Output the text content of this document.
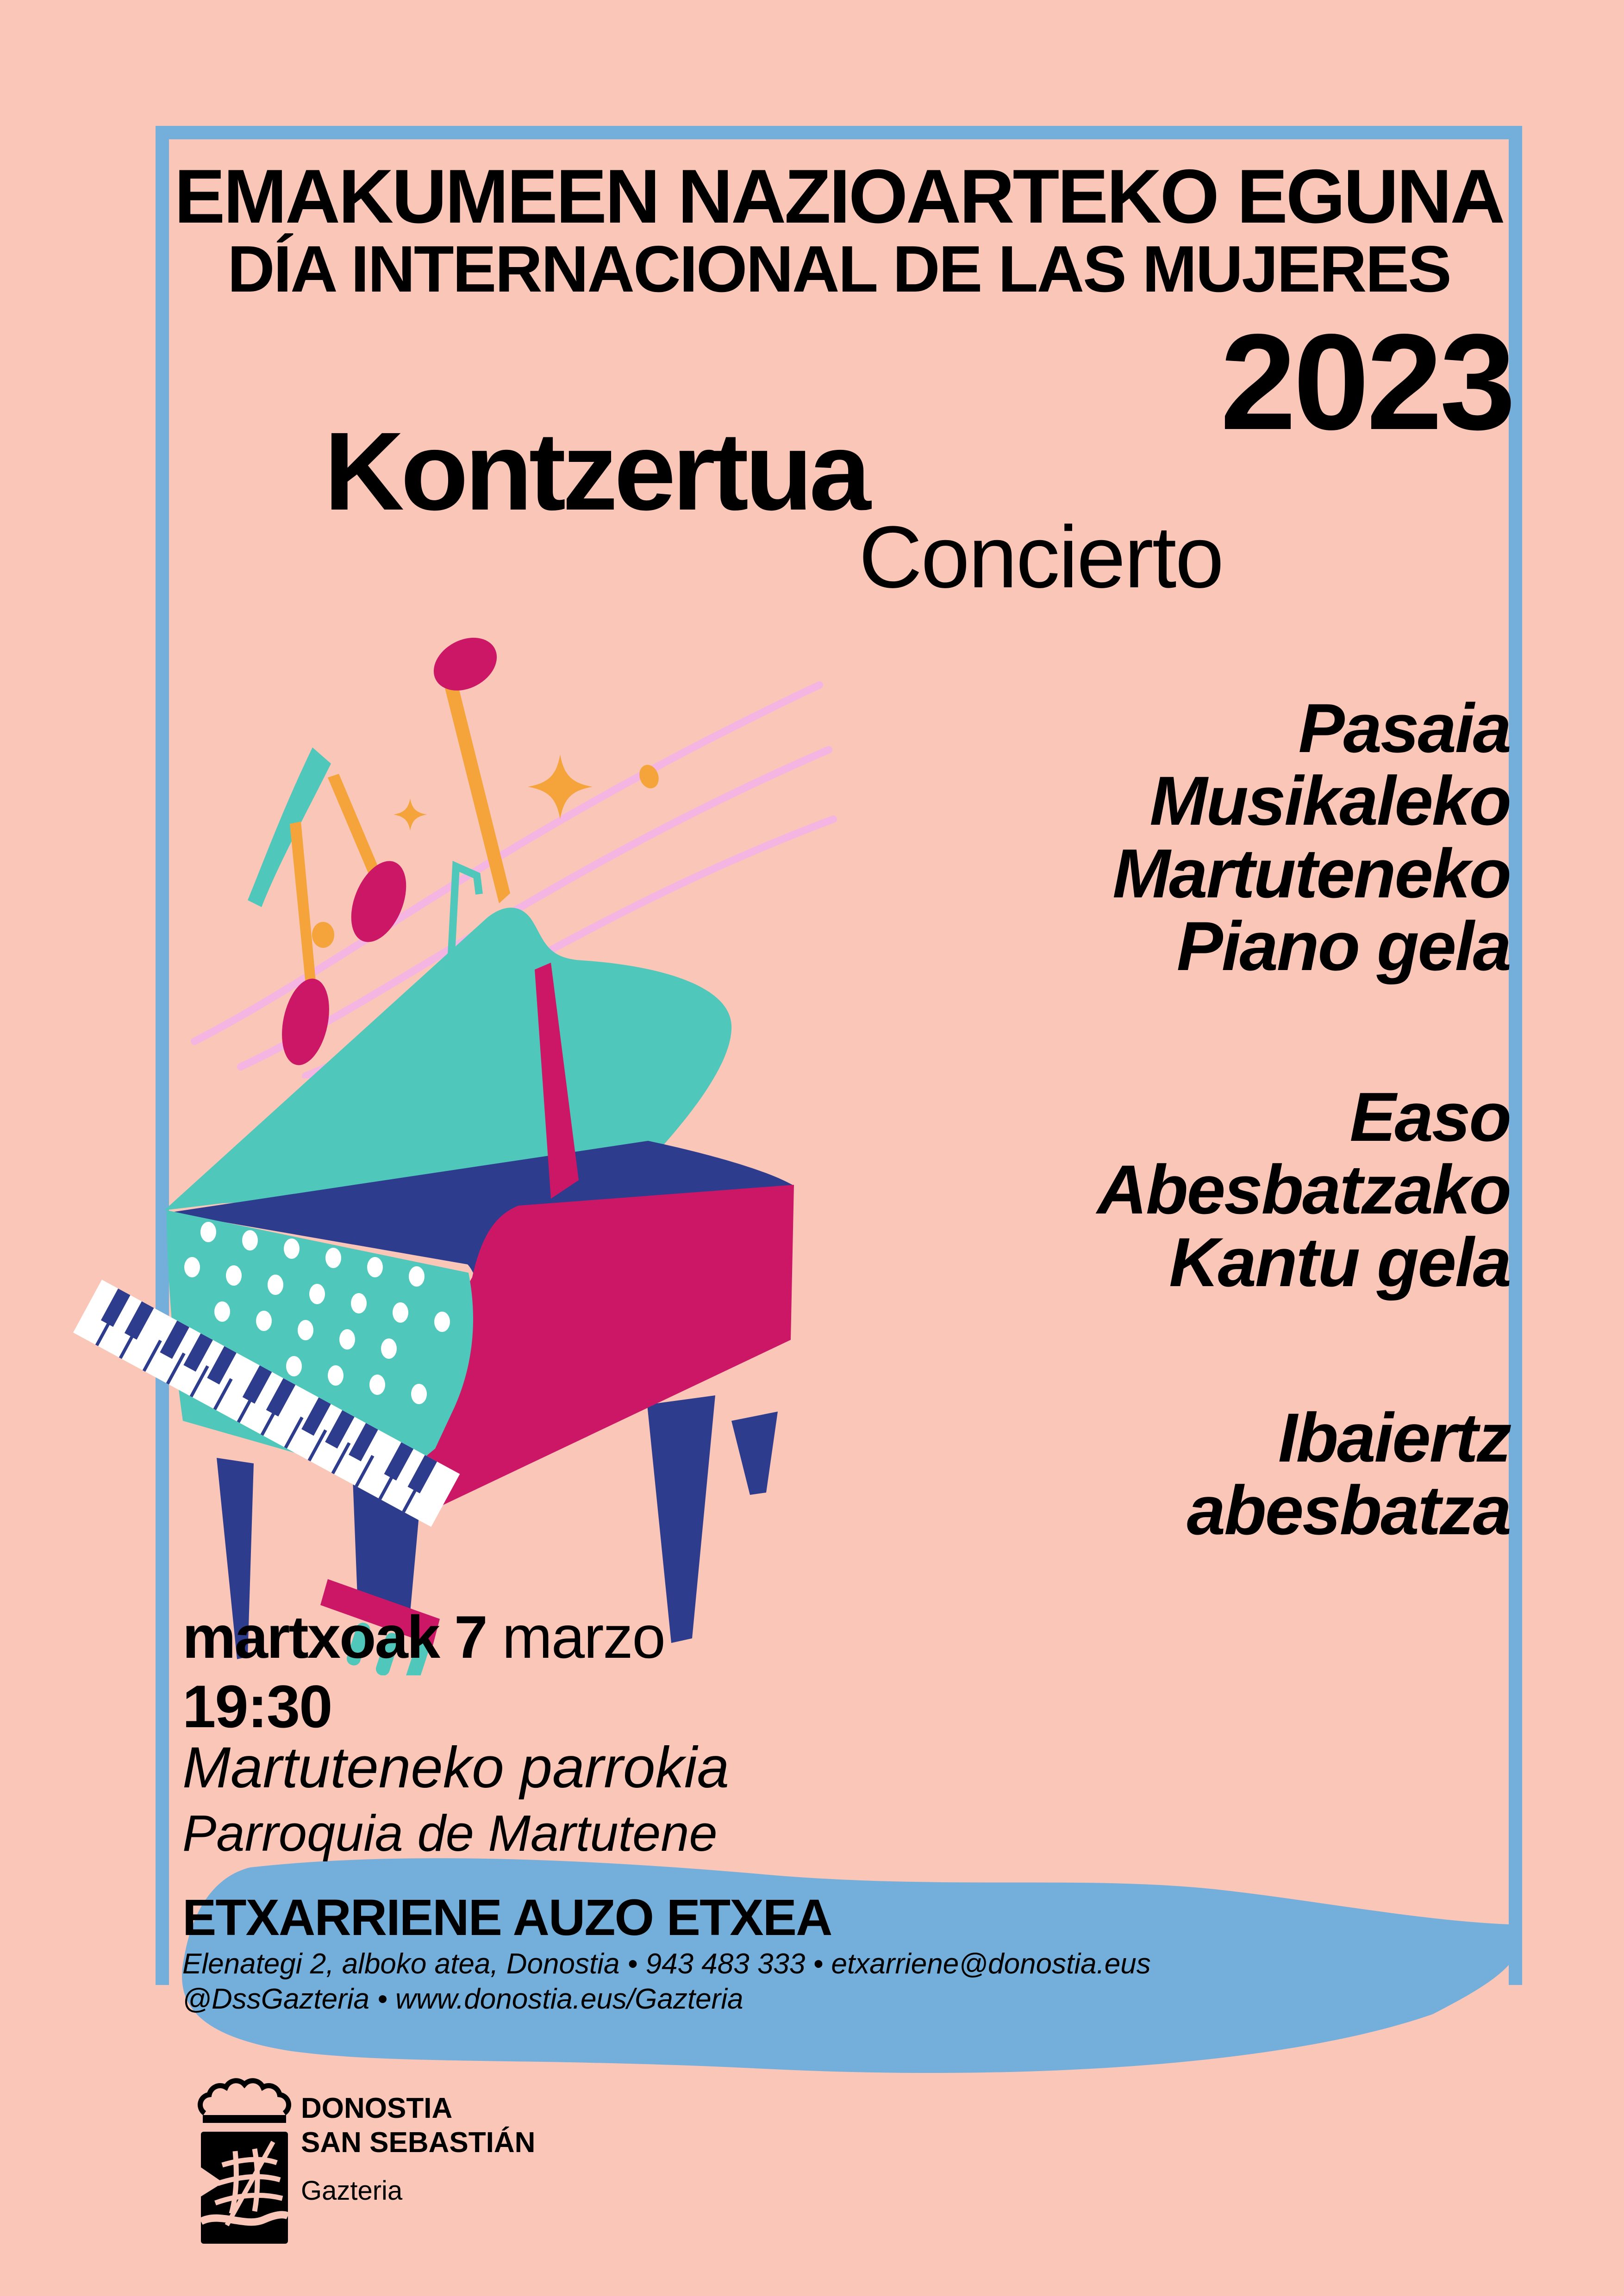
EMAKUMEEN NAZIOARTEKO EGUNA
DÍA INTERNACIONAL DE LAS MUJERES
2023
Kontzertua
Concierto
Pasaia
Musikaleko
Martuteneko
Piano gela
Easo
Abesbatzako
Kantu gela
Ibaiertz
abesbatza
martxoak 7 marzo
19:30
Martuteneko parrokia
Parroquia de Martutene
ETXARRIENE AUZO ETXEA
Elenategi 2, alboko atea, Donostia • 943 483 333 • etxarriene@donostia.eus
@DssGazteria • www.donostia.eus/Gazteria
DONOSTIA
SAN SEBASTIÁN
Gazteria
